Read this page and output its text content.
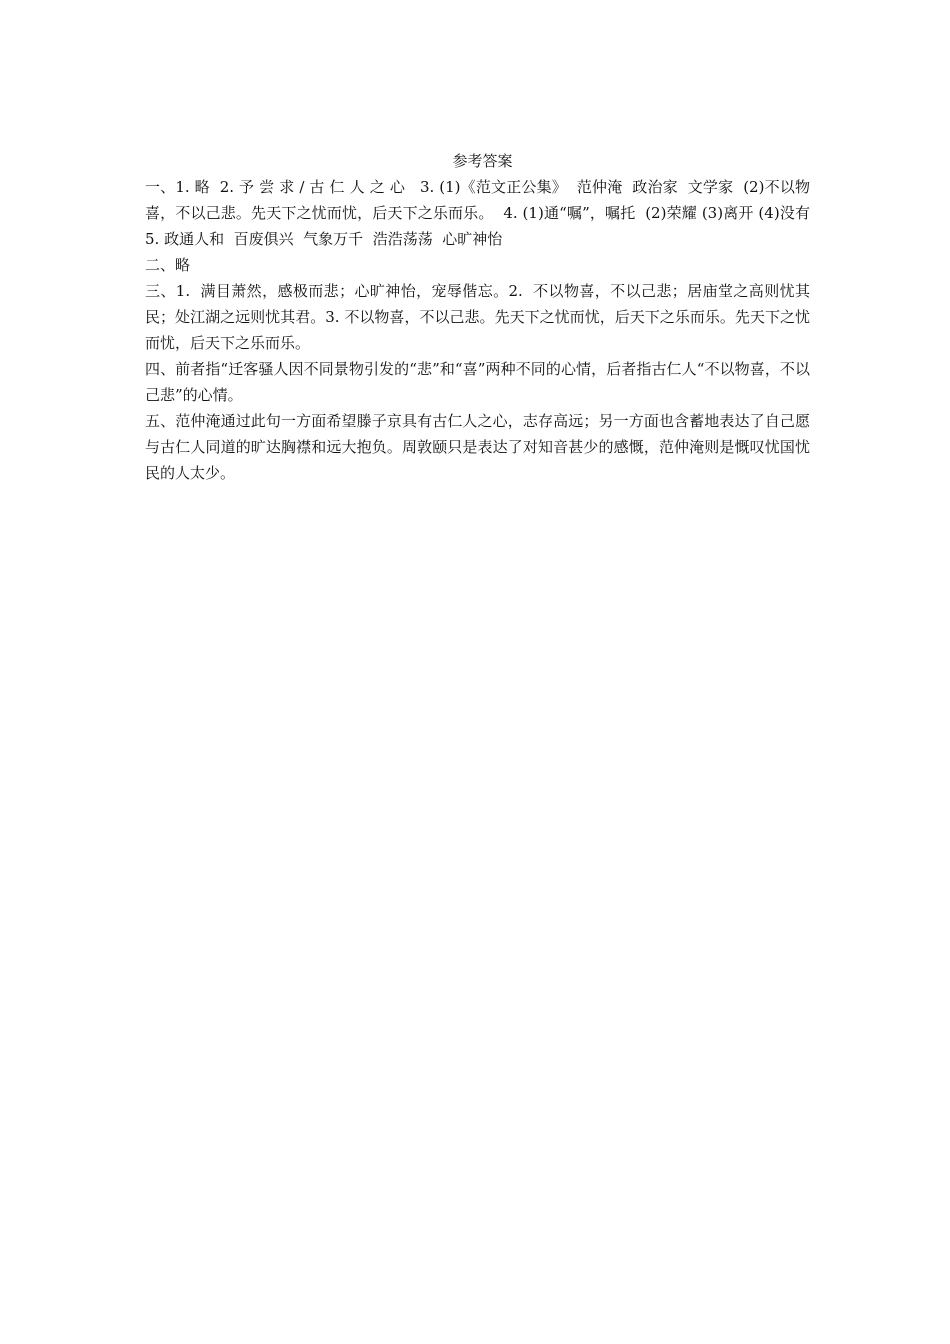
参考答案

一、1. 略  2. 予 尝 求 / 古 仁 人 之 心   3. (1)《范文正公集》  范仲淹  政治家  文学家  (2)不以物喜，不以己悲。先天下之忧而忧，后天下之乐而乐。  4. (1)通“嘱”，嘱托  (2)荣耀 (3)离开 (4)没有  5. 政通人和  百废俱兴  气象万千  浩浩荡荡  心旷神怡

二、略

三、1.  满目萧然，感极而悲；心旷神怡，宠辱偕忘。2.  不以物喜，不以己悲；居庙堂之高则忧其民；处江湖之远则忧其君。3. 不以物喜，不以己悲。先天下之忧而忧，后天下之乐而乐。先天下之忧而忧，后天下之乐而乐。

四、前者指“迁客骚人因不同景物引发的“悲”和“喜”两种不同的心情，后者指古仁人“不以物喜，不以己悲”的心情。

五、范仲淹通过此句一方面希望滕子京具有古仁人之心，志存高远；另一方面也含蓄地表达了自己愿与古仁人同道的旷达胸襟和远大抱负。周敦颐只是表达了对知音甚少的感慨，范仲淹则是慨叹忧国忧民的人太少。
